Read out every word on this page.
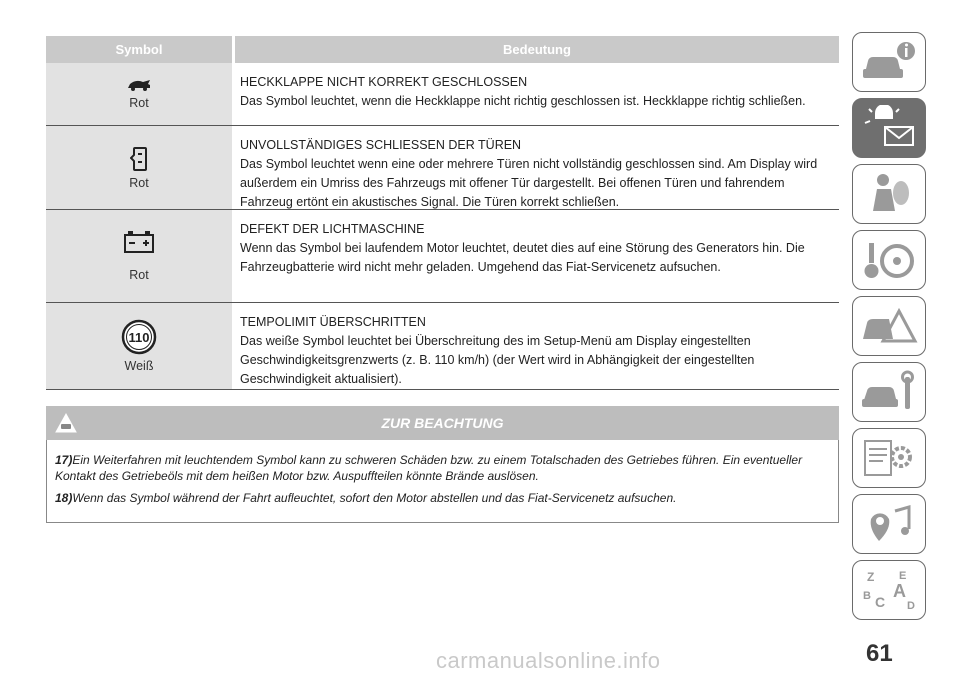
Symbol	Bedeutung
Rot
HECKKLAPPE NICHT KORREKT GESCHLOSSEN
Das Symbol leuchtet, wenn die Heckklappe nicht richtig geschlossen ist. Heckklappe richtig schließen.
Rot
UNVOLLSTÄNDIGES SCHLIESSEN DER TÜREN
Das Symbol leuchtet wenn eine oder mehrere Türen nicht vollständig geschlossen sind. Am Display wird außerdem ein Umriss des Fahrzeugs mit offener Tür dargestellt. Bei offenen Türen und fahrendem Fahrzeug ertönt ein akustisches Signal. Die Türen korrekt schließen.
Rot
DEFEKT DER LICHTMASCHINE
Wenn das Symbol bei laufendem Motor leuchtet, deutet dies auf eine Störung des Generators hin. Die Fahrzeugbatterie wird nicht mehr geladen. Umgehend das Fiat-Servicenetz aufsuchen.
110
Weiß
TEMPOLIMIT ÜBERSCHRITTEN
Das weiße Symbol leuchtet bei Überschreitung des im Setup-Menü am Display eingestellten Geschwindigkeitsgrenzwerts (z. B. 110 km/h) (der Wert wird in Abhängigkeit der eingestellten Geschwindigkeit aktualisiert).
ZUR BEACHTUNG

17)Ein Weiterfahren mit leuchtendem Symbol kann zu schweren Schäden bzw. zu einem Totalschaden des Getriebes führen. Ein eventueller Kontakt des Getriebeöls mit dem heißen Motor bzw. Auspuffteilen könnte Brände auslösen.

18)Wenn das Symbol während der Fahrt aufleuchtet, sofort den Motor abstellen und das Fiat-Servicenetz aufsuchen.

Z E
B C
A
D
61
carmanualsonline.info
